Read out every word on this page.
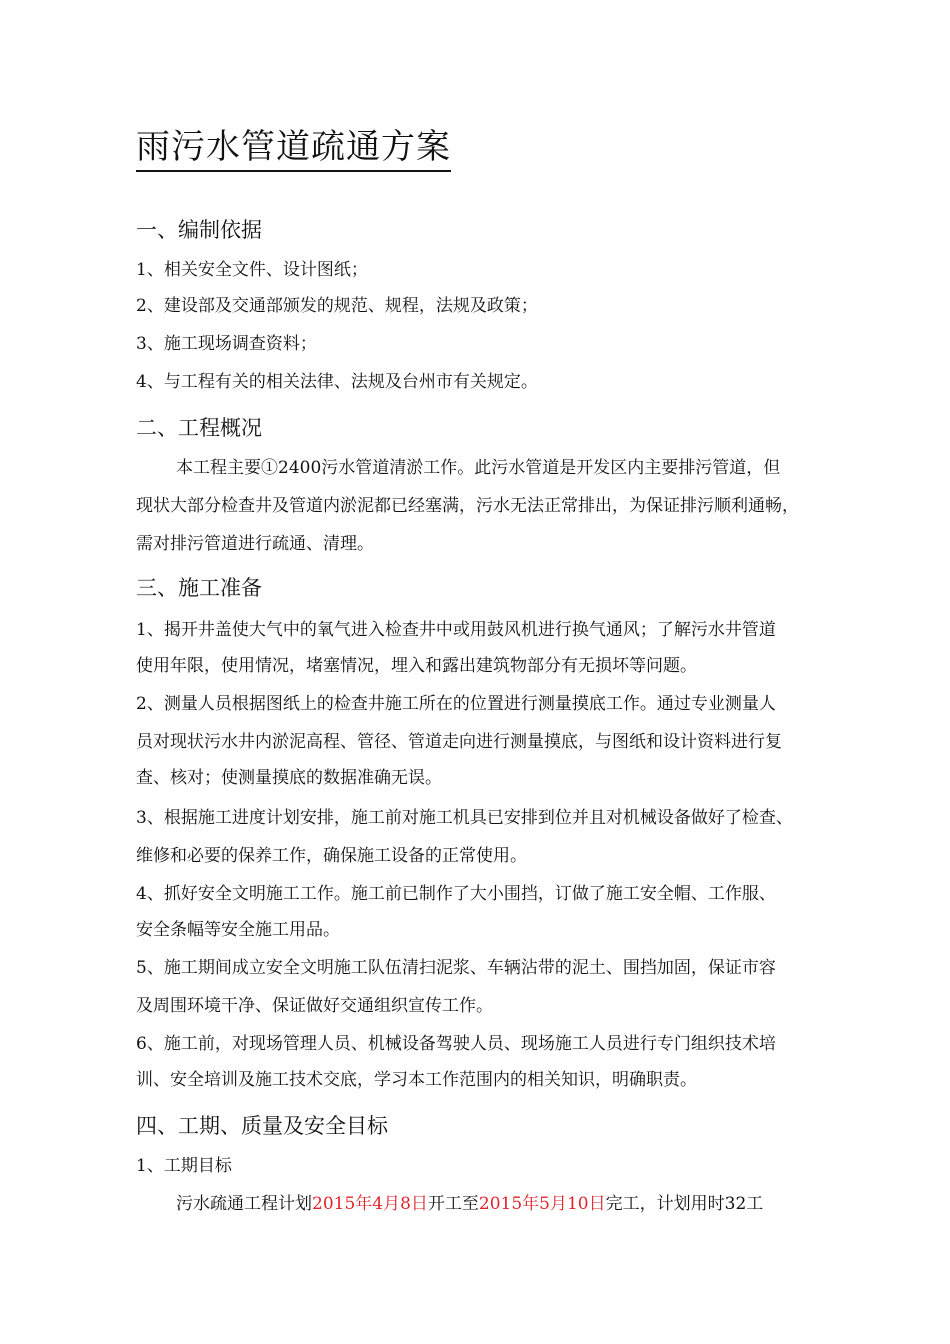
雨污水管道疏通方案
一、编制依据
1、相关安全文件、设计图纸；
2、建设部及交通部颁发的规范、规程，法规及政策；
3、施工现场调查资料；
4、与工程有关的相关法律、法规及台州市有关规定。
二、工程概况
本工程主要①2400污水管道清淤工作。此污水管道是开发区内主要排污管道，但
现状大部分检查井及管道内淤泥都已经塞满，污水无法正常排出，为保证排污顺利通畅，
需对排污管道进行疏通、清理。
三、施工准备
1、揭开井盖使大气中的氧气进入检查井中或用鼓风机进行换气通风；了解污水井管道
使用年限，使用情况，堵塞情况，埋入和露出建筑物部分有无损坏等问题。
2、测量人员根据图纸上的检查井施工所在的位置进行测量摸底工作。通过专业测量人
员对现状污水井内淤泥高程、管径、管道走向进行测量摸底，与图纸和设计资料进行复
查、核对；使测量摸底的数据准确无误。
3、根据施工进度计划安排，施工前对施工机具已安排到位并且对机械设备做好了检查、
维修和必要的保养工作，确保施工设备的正常使用。
4、抓好安全文明施工工作。施工前已制作了大小围挡，订做了施工安全帽、工作服、
安全条幅等安全施工用品。
5、施工期间成立安全文明施工队伍清扫泥浆、车辆沾带的泥土、围挡加固，保证市容
及周围环境干净、保证做好交通组织宣传工作。
6、施工前，对现场管理人员、机械设备驾驶人员、现场施工人员进行专门组织技术培
训、安全培训及施工技术交底，学习本工作范围内的相关知识，明确职责。
四、工期、质量及安全目标
1、工期目标
污水疏通工程计划2015年4月8日开工至2015年5月10日完工，计划用时32工
